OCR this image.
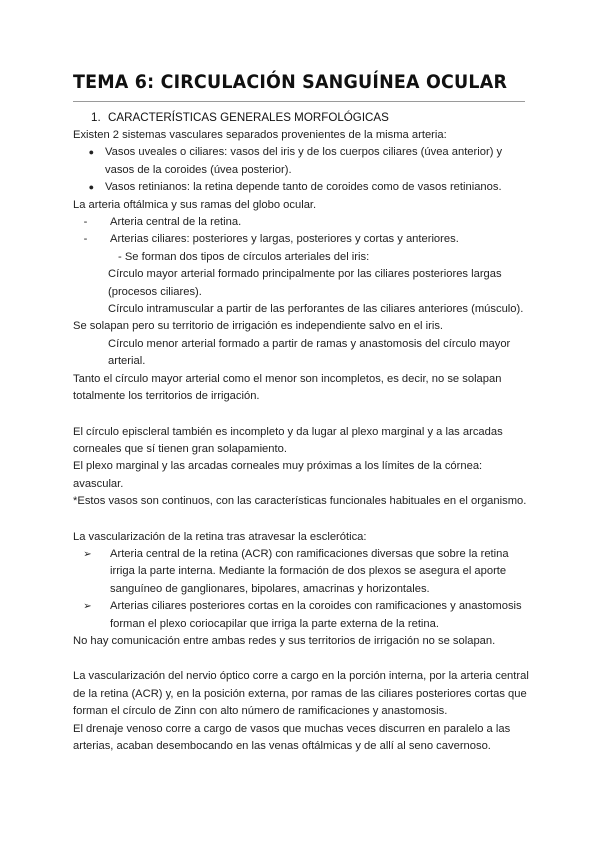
TEMA 6: CIRCULACIÓN SANGUÍNEA OCULAR
1. CARACTERÍSTICAS GENERALES MORFOLÓGICAS

Existen 2 sistemas vasculares separados provenientes de la misma arteria:

● Vasos uveales o ciliares: vasos del iris y de los cuerpos ciliares (úvea anterior) y
vasos de la coroides (úvea posterior).
● Vasos retinianos: la retina depende tanto de coroides como de vasos retinianos.

La arteria oftálmica y sus ramas del globo ocular.

-	Arteria central de la retina.
-	Arterias ciliares: posteriores y largas, posteriores y cortas y anteriores.

- Se forman dos tipos de círculos arteriales del iris:

Círculo mayor arterial formado principalmente por las ciliares posteriores largas

(procesos ciliares).

Círculo intramuscular a partir de las perforantes de las ciliares anteriores (músculo).

Se solapan pero su territorio de irrigación es independiente salvo en el iris.

Círculo menor arterial formado a partir de ramas y anastomosis del círculo mayor

arterial.

Tanto el círculo mayor arterial como el menor son incompletos, es decir, no se solapan

totalmente los territorios de irrigación.

El círculo episcleral también es incompleto y da lugar al plexo marginal y a las arcadas

corneales que sí tienen gran solapamiento.

El plexo marginal y las arcadas corneales muy próximas a los límites de la córnea:

avascular.

*Estos vasos son continuos, con las características funcionales habituales en el organismo.

La vascularización de la retina tras atravesar la esclerótica:

➢	Arteria central de la retina (ACR) con ramificaciones diversas que sobre la retina
irriga la parte interna. Mediante la formación de dos plexos se asegura el aporte
sanguíneo de ganglionares, bipolares, amacrinas y horizontales.
➢	Arterias ciliares posteriores cortas en la coroides con ramificaciones y anastomosis
forman el plexo coriocapilar que irriga la parte externa de la retina.

No hay comunicación entre ambas redes y sus territorios de irrigación no se solapan.

La vascularización del nervio óptico corre a cargo en la porción interna, por la arteria central

de la retina (ACR) y, en la posición externa, por ramas de las ciliares posteriores cortas que

forman el círculo de Zinn con alto número de ramificaciones y anastomosis.

El drenaje venoso corre a cargo de vasos que muchas veces discurren en paralelo a las

arterias, acaban desembocando en las venas oftálmicas y de allí al seno cavernoso.
